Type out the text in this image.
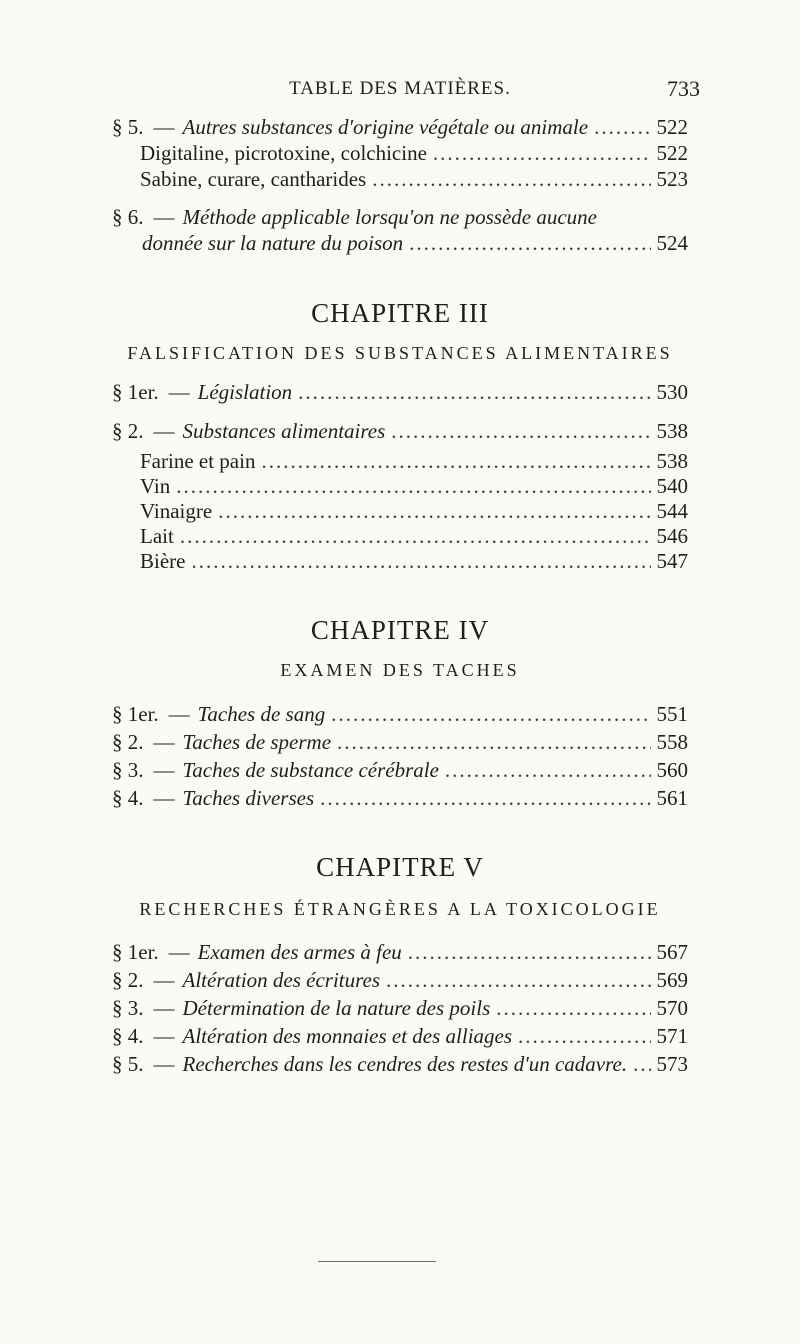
TABLE DES MATIÈRES.	733
§ 5. — Autres substances d'origine végétale ou animale .....	522
Digitaline, picrotoxine, colchicine .....	522
Sabine, curare, cantharides .....	523
§ 6. — Méthode applicable lorsqu'on ne possède aucune
donnée sur la nature du poison .....	524
CHAPITRE III
FALSIFICATION DES SUBSTANCES ALIMENTAIRES
§ 1er. — Législation .....	530
§ 2. — Substances alimentaires .....	538
Farine et pain .....	538
Vin .....	540
Vinaigre .....	544
Lait .....	546
Bière .....	547
CHAPITRE IV
EXAMEN DES TACHES
§ 1er. — Taches de sang .....	551
§ 2. — Taches de sperme .....	558
§ 3. — Taches de substance cérébrale .....	560
§ 4. — Taches diverses .....	561
CHAPITRE V
RECHERCHES ÉTRANGÈRES A LA TOXICOLOGIE
§ 1er. — Examen des armes à feu .....	567
§ 2. — Altération des écritures .....	569
§ 3. — Détermination de la nature des poils .....	570
§ 4. — Altération des monnaies et des alliages .....	571
§ 5. — Recherches dans les cendres des restes d'un cadavre. ..... 573
